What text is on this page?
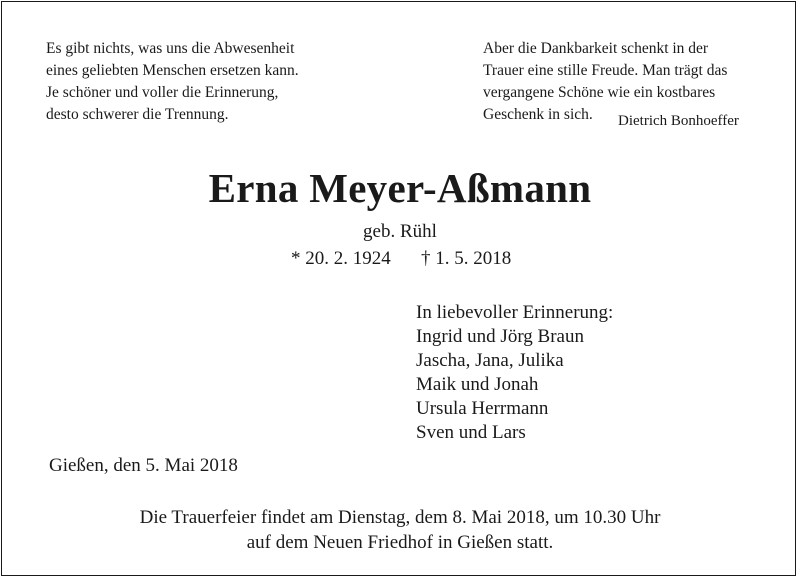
Es gibt nichts, was uns die Abwesenheit
eines geliebten Menschen ersetzen kann.
Je schöner und voller die Erinnerung,
desto schwerer die Trennung.
Aber die Dankbarkeit schenkt in der
Trauer eine stille Freude. Man trägt das
vergangene Schöne wie ein kostbares
Geschenk in sich.	Dietrich Bonhoeffer
Erna Meyer-Aßmann
geb. Rühl
* 20. 2. 1924 † 1. 5. 2018
In liebevoller Erinnerung:
Ingrid und Jörg Braun
Jascha, Jana, Julika
Maik und Jonah
Ursula Herrmann
Sven und Lars
Gießen, den 5. Mai 2018
Die Trauerfeier findet am Dienstag, dem 8. Mai 2018, um 10.30 Uhr
auf dem Neuen Friedhof in Gießen statt.
